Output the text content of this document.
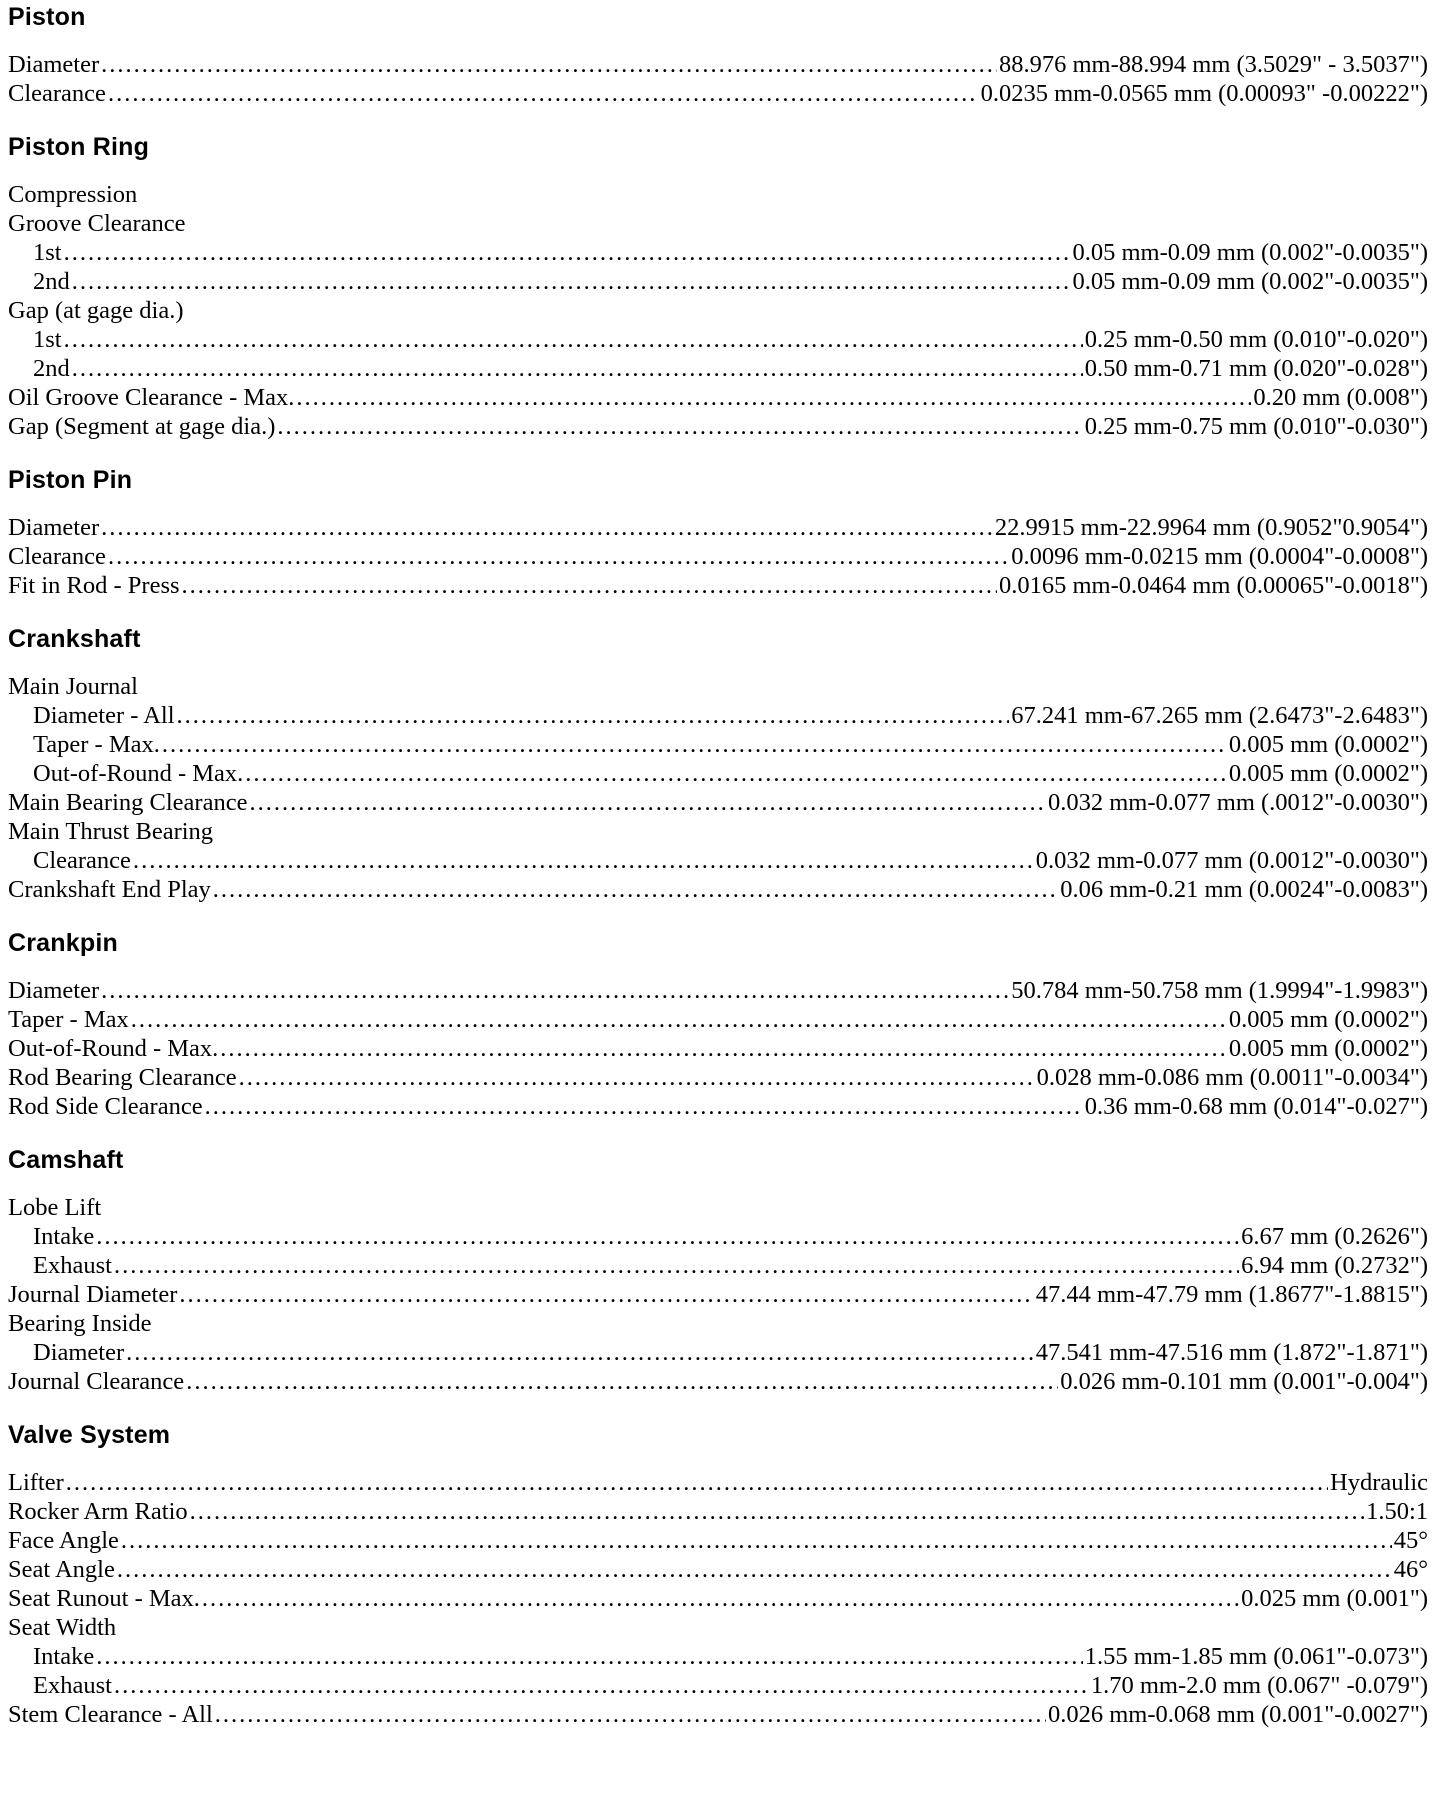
Piston
Diameter .....	88.976 mm-88.994 mm (3.5029" - 3.5037")
Clearance .....	0.0235 mm-0.0565 mm (0.00093" -0.00222")
Piston Ring
Compression
Groove Clearance
1st .....	0.05 mm-0.09 mm (0.002"-0.0035")
2nd .....	0.05 mm-0.09 mm (0.002"-0.0035")
Gap (at gage dia.)
1st .....	0.25 mm-0.50 mm (0.010"-0.020")
2nd .....	0.50 mm-0.71 mm (0.020"-0.028")
Oil Groove Clearance - Max. .....	0.20 mm (0.008")
Gap (Segment at gage dia.) .....	0.25 mm-0.75 mm (0.010"-0.030")
Piston Pin
Diameter .....	22.9915 mm-22.9964 mm (0.9052"0.9054")
Clearance .....	0.0096 mm-0.0215 mm (0.0004"-0.0008")
Fit in Rod - Press .....	0.0165 mm-0.0464 mm (0.00065"-0.0018")
Crankshaft
Main Journal
Diameter - All .....	67.241 mm-67.265 mm (2.6473"-2.6483")
Taper - Max. .....	0.005 mm (0.0002")
Out-of-Round - Max. .....	0.005 mm (0.0002")
Main Bearing Clearance .....	0.032 mm-0.077 mm (.0012"-0.0030")
Main Thrust Bearing
Clearance .....	0.032 mm-0.077 mm (0.0012"-0.0030")
Crankshaft End Play .....	0.06 mm-0.21 mm (0.0024"-0.0083")
Crankpin
Diameter .....	50.784 mm-50.758 mm (1.9994"-1.9983")
Taper - Max .....	0.005 mm (0.0002")
Out-of-Round - Max. .....	0.005 mm (0.0002")
Rod Bearing Clearance .....	0.028 mm-0.086 mm (0.0011"-0.0034")
Rod Side Clearance .....	0.36 mm-0.68 mm (0.014"-0.027")
Camshaft
Lobe Lift
Intake .....	6.67 mm (0.2626")
Exhaust .....	6.94 mm (0.2732")
Journal Diameter .....	47.44 mm-47.79 mm (1.8677"-1.8815")
Bearing Inside
Diameter .....	47.541 mm-47.516 mm (1.872"-1.871")
Journal Clearance .....	0.026 mm-0.101 mm (0.001"-0.004")
Valve System
Lifter .....	Hydraulic
Rocker Arm Ratio .....	1.50:1
Face Angle .....	45°
Seat Angle .....	46°
Seat Runout - Max. .....	0.025 mm (0.001")
Seat Width
Intake .....	1.55 mm-1.85 mm (0.061"-0.073")
Exhaust .....	1.70 mm-2.0 mm (0.067" -0.079")
Stem Clearance - All .....	0.026 mm-0.068 mm (0.001"-0.0027")
